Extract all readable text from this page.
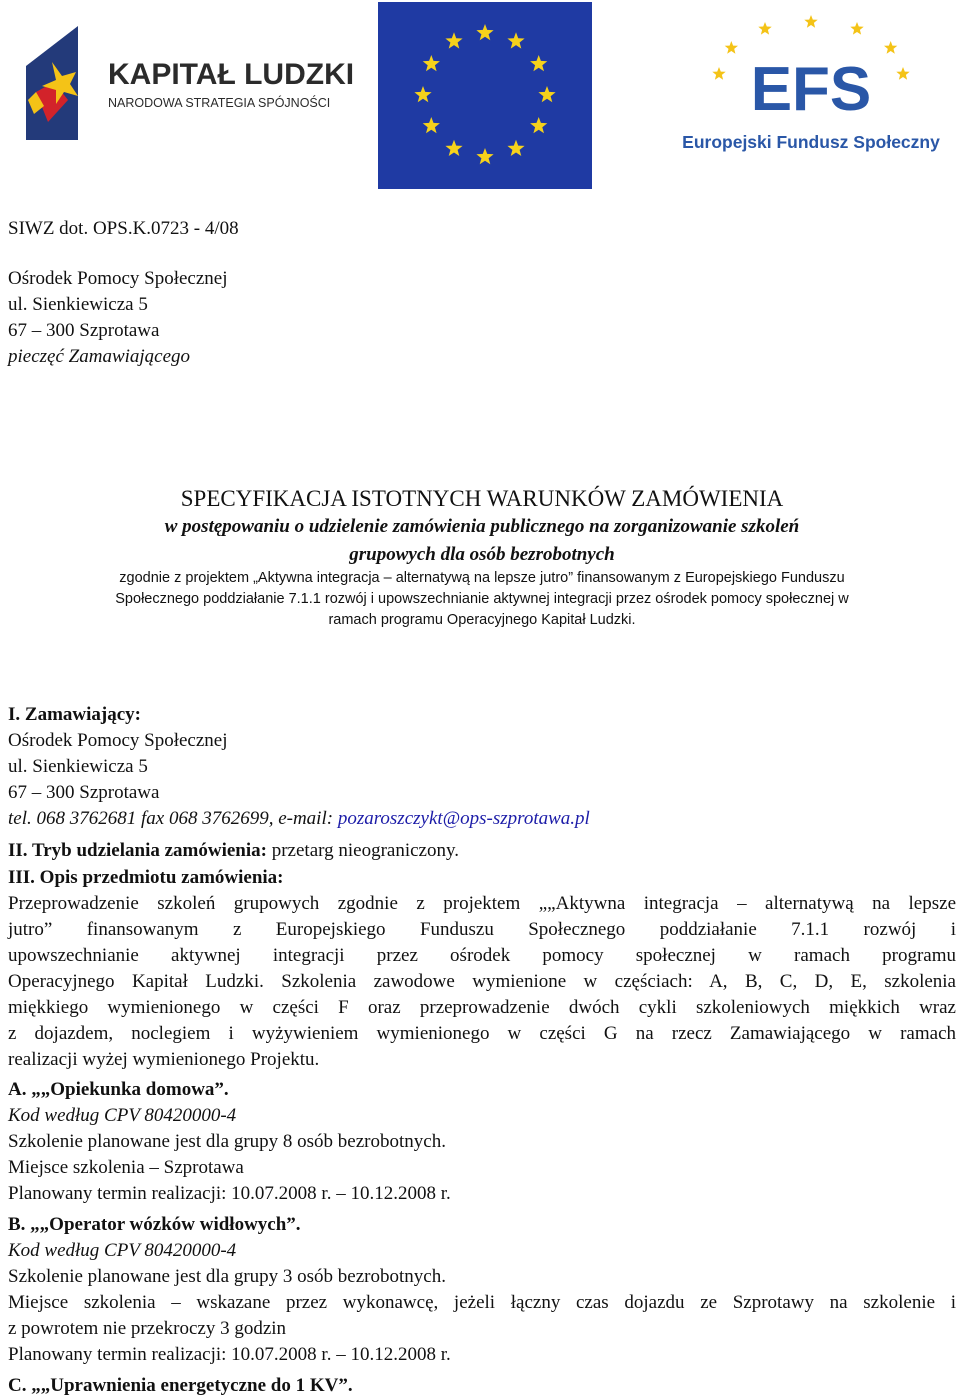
KAPITAŁ LUDZKI
NARODOWA STRATEGIA SPÓJNOŚCI	EFS
Europejski Fundusz Społeczny
SIWZ dot. OPS.K.0723 - 4/08
Ośrodek Pomocy Społecznej
ul. Sienkiewicza 5
67 – 300 Szprotawa
pieczęć Zamawiającego
SPECYFIKACJA ISTOTNYCH WARUNKÓW ZAMÓWIENIA
w postępowaniu o udzielenie zamówienia publicznego na zorganizowanie szkoleń
grupowych dla osób bezrobotnych
zgodnie z projektem „Aktywna integracja – alternatywą na lepsze jutro” finansowanym z Europejskiego Funduszu
Społecznego poddziałanie 7.1.1 rozwój i upowszechnianie aktywnej integracji przez ośrodek pomocy społecznej w
ramach programu Operacyjnego Kapitał Ludzki.
I. Zamawiający:
Ośrodek Pomocy Społecznej
ul. Sienkiewicza 5
67 – 300 Szprotawa
tel. 068 3762681 fax 068 3762699, e-mail: pozaroszczykt@ops-szprotawa.pl
II. Tryb udzielania zamówienia: przetarg nieograniczony.
III. Opis przedmiotu zamówienia:
Przeprowadzenie szkoleń grupowych zgodnie z projektem „„Aktywna integracja – alternatywą na lepsze
jutro” finansowanym z Europejskiego Funduszu Społecznego poddziałanie 7.1.1 rozwój i
upowszechnianie aktywnej integracji przez ośrodek pomocy społecznej w ramach programu
Operacyjnego Kapitał Ludzki. Szkolenia zawodowe wymienione w częściach: A, B, C, D, E, szkolenia
miękkiego wymienionego w części F oraz przeprowadzenie dwóch cykli szkoleniowych miękkich wraz
z dojazdem, noclegiem i wyżywieniem wymienionego w części G na rzecz Zamawiającego w ramach
realizacji wyżej wymienionego Projektu.
A. „„Opiekunka domowa”.
Kod według CPV 80420000-4
Szkolenie planowane jest dla grupy 8 osób bezrobotnych.
Miejsce szkolenia – Szprotawa
Planowany termin realizacji: 10.07.2008 r. – 10.12.2008 r.
B. „„Operator wózków widłowych”.
Kod według CPV 80420000-4
Szkolenie planowane jest dla grupy 3 osób bezrobotnych.
Miejsce szkolenia – wskazane przez wykonawcę, jeżeli łączny czas dojazdu ze Szprotawy na szkolenie i
z powrotem nie przekroczy 3 godzin
Planowany termin realizacji: 10.07.2008 r. – 10.12.2008 r.
C. „„Uprawnienia energetyczne do 1 KV”.
